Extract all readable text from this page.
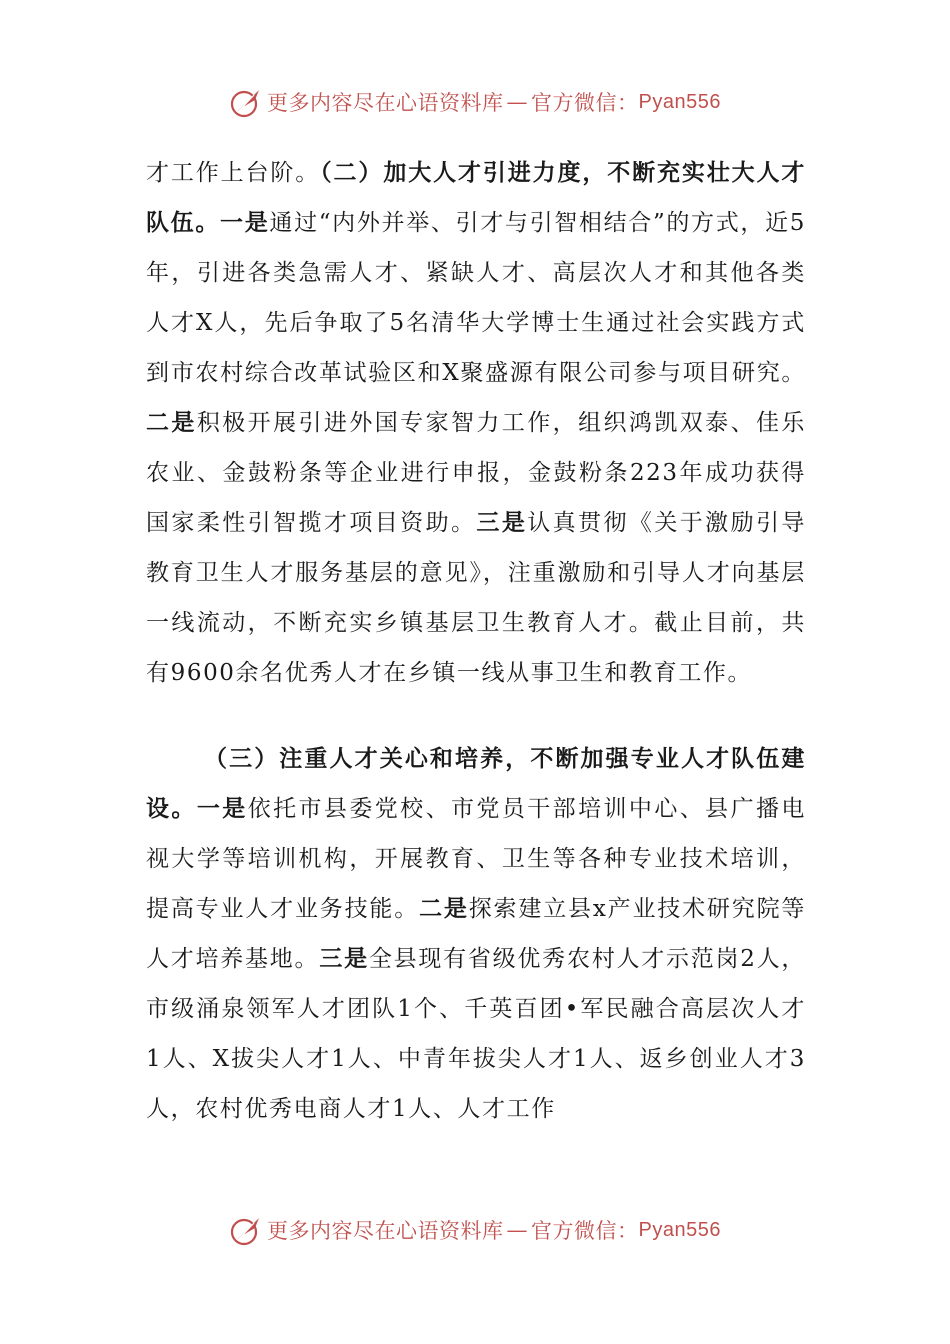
更多内容尽在心语资料库 — 官方微信： Pyan556

才工作上台阶。（二）加大人才引进力度，不断充实壮大人才队伍。一是通过“内外并举、引才与引智相结合”的方式，近5年，引进各类急需人才、紧缺人才、高层次人才和其他各类人才X人，先后争取了5名清华大学博士生通过社会实践方式到市农村综合改革试验区和X聚盛源有限公司参与项目研究。二是积极开展引进外国专家智力工作，组织鸿凯双泰、佳乐农业、金鼓粉条等企业进行申报，金鼓粉条223年成功获得国家柔性引智揽才项目资助。三是认真贯彻《关于激励引导教育卫生人才服务基层的意见》，注重激励和引导人才向基层一线流动，不断充实乡镇基层卫生教育人才。截止目前，共有9600余名优秀人才在乡镇一线从事卫生和教育工作。

（三）注重人才关心和培养，不断加强专业人才队伍建设。一是依托市县委党校、市党员干部培训中心、县广播电视大学等培训机构，开展教育、卫生等各种专业技术培训，提高专业人才业务技能。二是探索建立县x产业技术研究院等人才培养基地。三是全县现有省级优秀农村人才示范岗2人，市级涌泉领军人才团队1个、千英百团•军民融合高层次人才1人、X拔尖人才1人、中青年拔尖人才1人、返乡创业人才3人，农村优秀电商人才1人、人才工作

更多内容尽在心语资料库 — 官方微信： Pyan556
